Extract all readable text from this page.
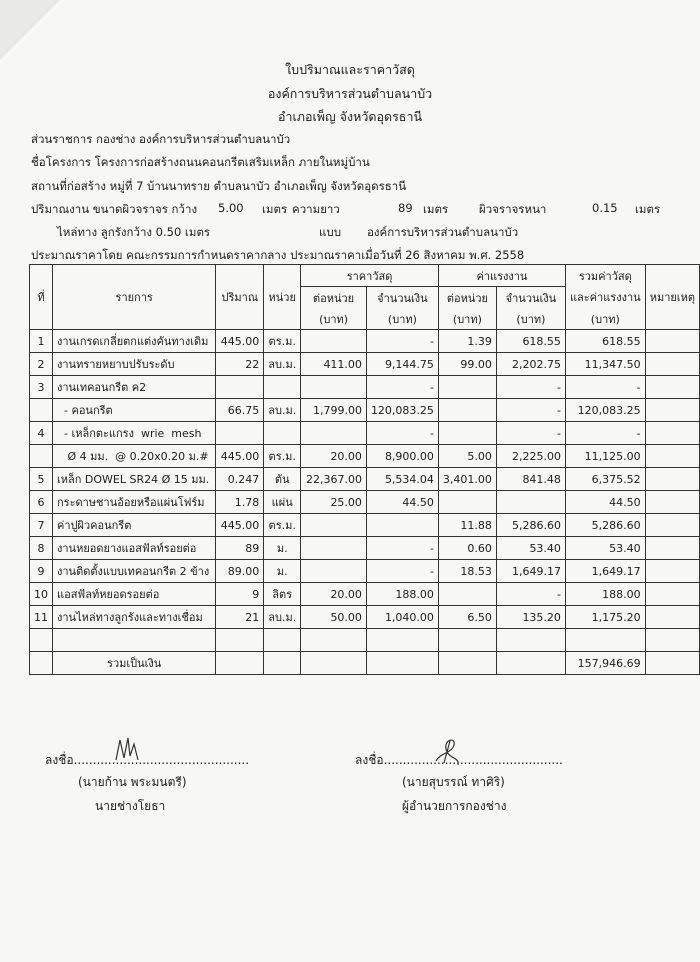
ใบปริมาณและราคาวัสดุ
องค์การบริหารส่วนตำบลนาบัว
อำเภอเพ็ญ จังหวัดอุดรธานี
ส่วนราชการ กองช่าง องค์การบริหารส่วนตำบลนาบัว
ชื่อโครงการ โครงการก่อสร้างถนนคอนกรีตเสริมเหล็ก ภายในหมู่บ้าน
สถานที่ก่อสร้าง หมู่ที่ 7 บ้านนาทราย ตำบลนาบัว อำเภอเพ็ญ จังหวัดอุดรธานี
ปริมาณงาน ขนาดผิวจราจร กว้าง 5.00 เมตร ความยาว	89 เมตร	ผิวจราจรหนา	0.15 เมตร
ไหล่ทาง ลูกรังกว้าง 0.50 เมตร	แบบ องค์การบริหารส่วนตำบลนาบัว
ประมาณราคาโดย คณะกรรมการกำหนดราคากลาง ประมาณราคาเมื่อวันที่ 26 สิงหาคม พ.ศ. 2558
ที่	รายการ	ปริมาณ	หน่วย	ราคาวัสดุ		ค่าแรงงาน		รวมค่าวัสดุ	หมายเหตุ
				ต่อหน่วย	จำนวนเงิน	ต่อหน่วย	จำนวนเงิน	และค่าแรงงาน	
				(บาท)	(บาท)	(บาท)	(บาท)	(บาท)	
1	งานเกรดเกลี่ยตกแต่งคันทางเดิม	445.00	ตร.ม.		-	1.39	618.55	618.55	
2	งานทรายหยาบปรับระดับ	22	ลบ.ม.	411.00	9,144.75	99.00	2,202.75	11,347.50	
3	งานเทคอนกรีต ค2				-		-	-	
	- คอนกรีต	66.75	ลบ.ม.	1,799.00	120,083.25		-	120,083.25	
4	- เหล็กตะแกรง  wrie  mesh				-		-	-	
	Ø 4 มม.  @ 0.20x0.20 ม.#	445.00	ตร.ม.	20.00	8,900.00	5.00	2,225.00	11,125.00	
5	เหล็ก DOWEL SR24 Ø 15 มม.	0.247	ตัน	22,367.00	5,534.04	3,401.00	841.48	6,375.52	
6	กระดาษชานอ้อยหรือแผ่นโฟร์ม	1.78	แผ่น	25.00	44.50			44.50	
7	ค่าปูผิวคอนกรีต	445.00	ตร.ม.			11.88	5,286.60	5,286.60	
8	งานหยอดยางแอสฟัลท์รอยต่อ	89	ม.		-	0.60	53.40	53.40	
9	งานติดตั้งแบบเทคอนกรีต 2 ข้าง	89.00	ม.		-	18.53	1,649.17	1,649.17	
10	แอสฟัลท์หยอดรอยต่อ	9	ลิตร	20.00	188.00		-	188.00	
11	งานไหล่ทางลูกรังและทางเชื่อม	21	ลบ.ม.	50.00	1,040.00	6.50	135.20	1,175.20	

	รวมเป็นเงิน							157,946.69	
ลงชื่อ..............................................
(นายก้าน พระมนตรี)
นายช่างโยธา
ลงชื่อ...............................................
(นายสุบรรณ์ ทาศิริ)
ผู้อำนวยการกองช่าง
